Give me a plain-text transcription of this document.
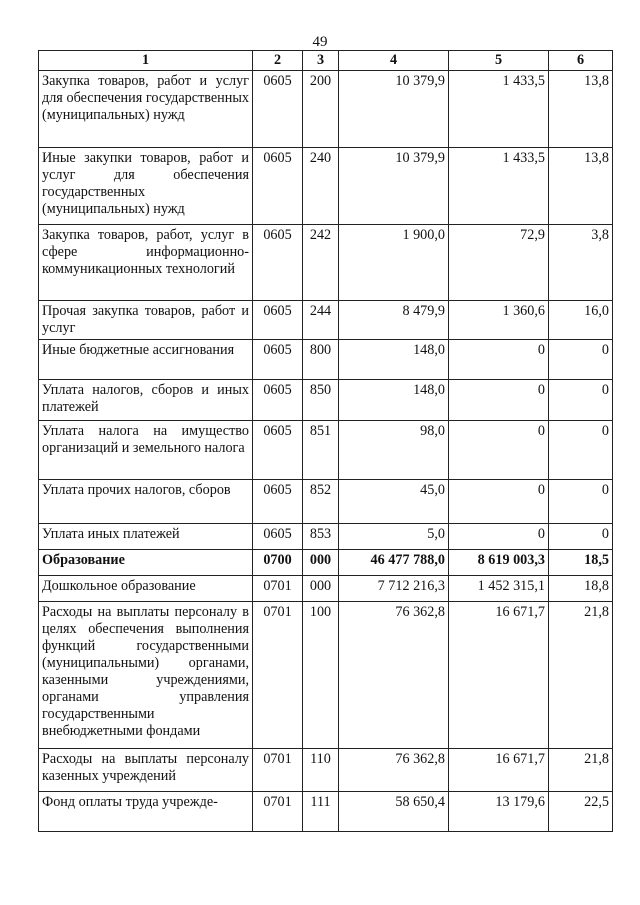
49
1	2	3	4	5	6
Закупка товаров, работ и услуг для обеспечения государственных (муниципальных) нужд	0605	200	10 379,9	1 433,5	13,8
Иные закупки товаров, работ и услуг для обеспечения государственных (муниципальных) нужд	0605	240	10 379,9	1 433,5	13,8
Закупка товаров, работ, услуг в сфере информационно-коммуникационных технологий	0605	242	1 900,0	72,9	3,8
Прочая закупка товаров, работ и услуг	0605	244	8 479,9	1 360,6	16,0
Иные бюджетные ассигнования	0605	800	148,0	0	0
Уплата налогов, сборов и иных платежей	0605	850	148,0	0	0
Уплата налога на имущество организаций и земельного налога	0605	851	98,0	0	0
Уплата прочих налогов, сборов	0605	852	45,0	0	0
Уплата иных платежей	0605	853	5,0	0	0
Образование	0700	000	46 477 788,0	8 619 003,3	18,5
Дошкольное образование	0701	000	7 712 216,3	1 452 315,1	18,8
Расходы на выплаты персоналу в целях обеспечения выполнения функций государственными (муниципальными) органами, казенными учреждениями, органами управления государственными внебюджетными фондами	0701	100	76 362,8	16 671,7	21,8
Расходы на выплаты персоналу казенных учреждений	0701	110	76 362,8	16 671,7	21,8
Фонд оплаты труда учрежде-	0701	111	58 650,4	13 179,6	22,5
